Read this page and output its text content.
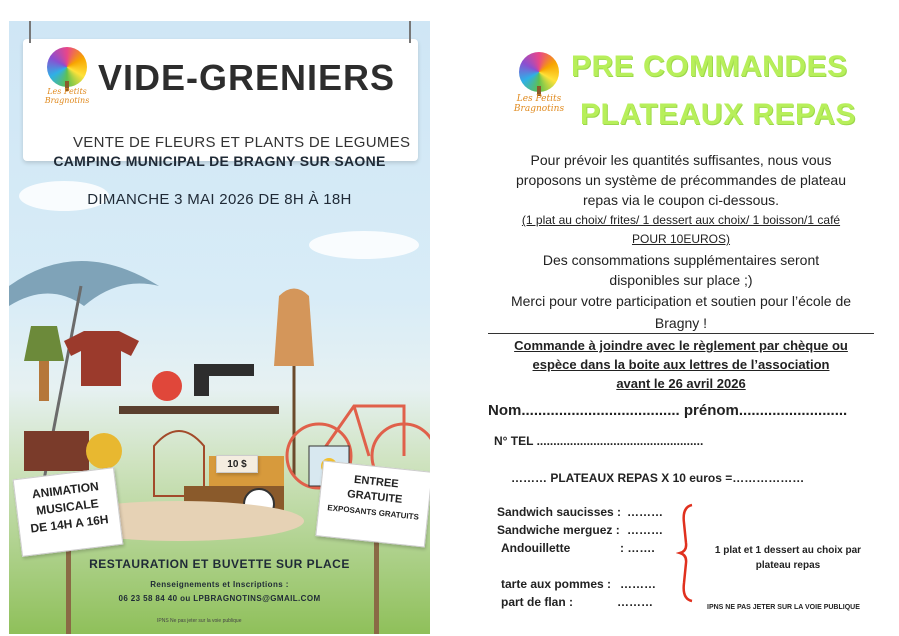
Les Petits Bragnotins
VIDE-GRENIERS
VENTE DE FLEURS ET PLANTS DE LEGUMES
CAMPING MUNICIPAL DE BRAGNY SUR SAONE
DIMANCHE 3 MAI 2026 DE 8H À 18H
10 $
ANIMATION
MUSICALE
DE 14H A 16H
ENTREE
GRATUITE
EXPOSANTS GRATUITS
RESTAURATION ET BUVETTE SUR PLACE
Renseignements et Inscriptions :
06 23 58 84 40 ou LPBRAGNOTINS@GMAIL.COM
IPNS Ne pas jeter sur la voie publique
Les Petits Bragnotins
PRE COMMANDES
PLATEAUX REPAS
Pour prévoir les quantités suffisantes, nous vous
proposons un système de précommandes de plateau
repas via le coupon ci-dessous.
(1 plat au choix/ frites/ 1 dessert aux choix/ 1 boisson/1 café
POUR 10EUROS)
Des consommations supplémentaires seront
disponibles sur place ;)
Merci pour votre participation et soutien pour l’école de
Bragny !
Commande à joindre avec le règlement par chèque ou
espèce dans la boite aux lettres de l’association
avant le 26 avril 2026
Nom...................................... prénom..........................
N° TEL ..................................................
……… PLATEAUX REPAS X 10 euros =………………
Sandwich saucisses : ………
Sandwiche merguez : ………
Andouillette	: …….
tarte aux pommes : ………
part de flan :	………
1 plat et 1 dessert au choix par plateau repas
IPNS NE PAS JETER SUR LA VOIE PUBLIQUE
